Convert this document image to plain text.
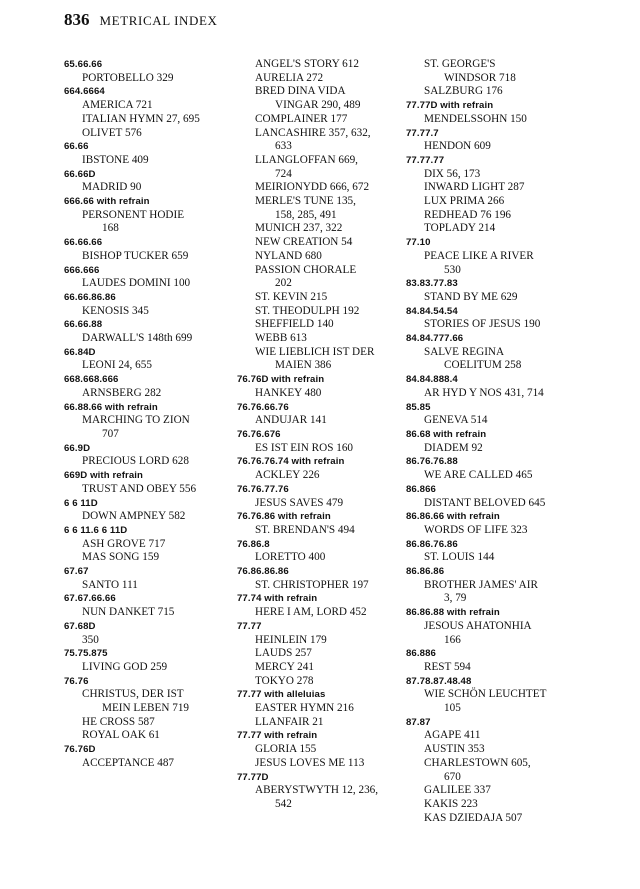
836 METRICAL INDEX
65.66.66
PORTOBELLO 329
664.6664
AMERICA 721
ITALIAN HYMN 27, 695
OLIVET 576
66.66
IBSTONE 409
66.66D
MADRID 90
666.66 with refrain
PERSONENT HODIE
168
66.66.66
BISHOP TUCKER 659
666.666
LAUDES DOMINI 100
66.66.86.86
KENOSIS 345
66.66.88
DARWALL'S 148th 699
66.84D
LEONI 24, 655
668.668.666
ARNSBERG 282
66.88.66 with refrain
MARCHING TO ZION
707
66.9D
PRECIOUS LORD 628
669D with refrain
TRUST AND OBEY 556
6 6 11D
DOWN AMPNEY 582
6 6 11.6 6 11D
ASH GROVE 717
MAS SONG 159
67.67
SANTO 111
67.67.66.66
NUN DANKET 715
67.68D
350
75.75.875
LIVING GOD 259
76.76
CHRISTUS, DER IST
MEIN LEBEN 719
HE CROSS 587
ROYAL OAK 61
76.76D
ACCEPTANCE 487
ANGEL'S STORY 612
AURELIA 272
BRED DINA VIDA
VINGAR 290, 489
COMPLAINER 177
LANCASHIRE 357, 632,
633
LLANGLOFFAN 669,
724
MEIRIONYDD 666, 672
MERLE'S TUNE 135,
158, 285, 491
MUNICH 237, 322
NEW CREATION 54
NYLAND 680
PASSION CHORALE
202
ST. KEVIN 215
ST. THEODULPH 192
SHEFFIELD 140
WEBB 613
WIE LIEBLICH IST DER
MAIEN 386
76.76D with refrain
HANKEY 480
76.76.66.76
ANDUJAR 141
76.76.676
ES IST EIN ROS 160
76.76.76.74 with refrain
ACKLEY 226
76.76.77.76
JESUS SAVES 479
76.76.86 with refrain
ST. BRENDAN'S 494
76.86.8
LORETTO 400
76.86.86.86
ST. CHRISTOPHER 197
77.74 with refrain
HERE I AM, LORD 452
77.77
HEINLEIN 179
LAUDS 257
MERCY 241
TOKYO 278
77.77 with alleluias
EASTER HYMN 216
LLANFAIR 21
77.77 with refrain
GLORIA 155
JESUS LOVES ME 113
77.77D
ABERYSTWYTH 12, 236,
542
ST. GEORGE'S
WINDSOR 718
SALZBURG 176
77.77D with refrain
MENDELSSOHN 150
77.77.7
HENDON 609
77.77.77
DIX 56, 173
INWARD LIGHT 287
LUX PRIMA 266
REDHEAD 76 196
TOPLADY 214
77.10
PEACE LIKE A RIVER
530
83.83.77.83
STAND BY ME 629
84.84.54.54
STORIES OF JESUS 190
84.84.777.66
SALVE REGINA
COELITUM 258
84.84.888.4
AR HYD Y NOS 431, 714
85.85
GENEVA 514
86.68 with refrain
DIADEM 92
86.76.76.88
WE ARE CALLED 465
86.866
DISTANT BELOVED 645
86.86.66 with refrain
WORDS OF LIFE 323
86.86.76.86
ST. LOUIS 144
86.86.86
BROTHER JAMES' AIR
3, 79
86.86.88 with refrain
JESOUS AHATONHIA
166
86.886
REST 594
87.78.87.48.48
WIE SCHÖN LEUCHTET
105
87.87
AGAPE 411
AUSTIN 353
CHARLESTOWN 605,
670
GALILEE 337
KAKIS 223
KAS DZIEDAJA 507
